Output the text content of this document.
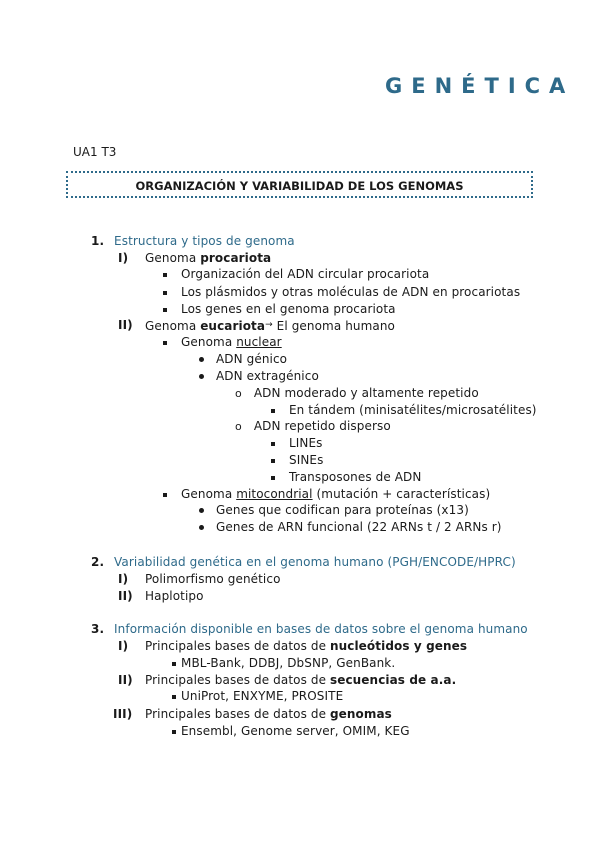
GENÉTICA
UA1 T3
ORGANIZACIÓN Y VARIABILIDAD DE LOS GENOMAS
1. Estructura y tipos de genoma
I) Genoma procariota
Organización del ADN circular procariota
Los plásmidos y otras moléculas de ADN en procariotas
Los genes en el genoma procariota
II) Genoma eucariota→ El genoma humano
Genoma nuclear
ADN génico
ADN extragénico
o ADN moderado y altamente repetido
En tándem (minisatélites/microsatélites)
o ADN repetido disperso
LINEs
SINEs
Transposones de ADN
Genoma mitocondrial (mutación + características)
Genes que codifican para proteínas (x13)
Genes de ARN funcional (22 ARNs t / 2 ARNs r)
2. Variabilidad genética en el genoma humano (PGH/ENCODE/HPRC)
I) Polimorfismo genético
II) Haplotipo
3. Información disponible en bases de datos sobre el genoma humano
I) Principales bases de datos de nucleótidos y genes
MBL-Bank, DDBJ, DbSNP, GenBank.
II) Principales bases de datos de secuencias de a.a.
UniProt, ENXYME, PROSITE
III) Principales bases de datos de genomas
Ensembl, Genome server, OMIM, KEG
